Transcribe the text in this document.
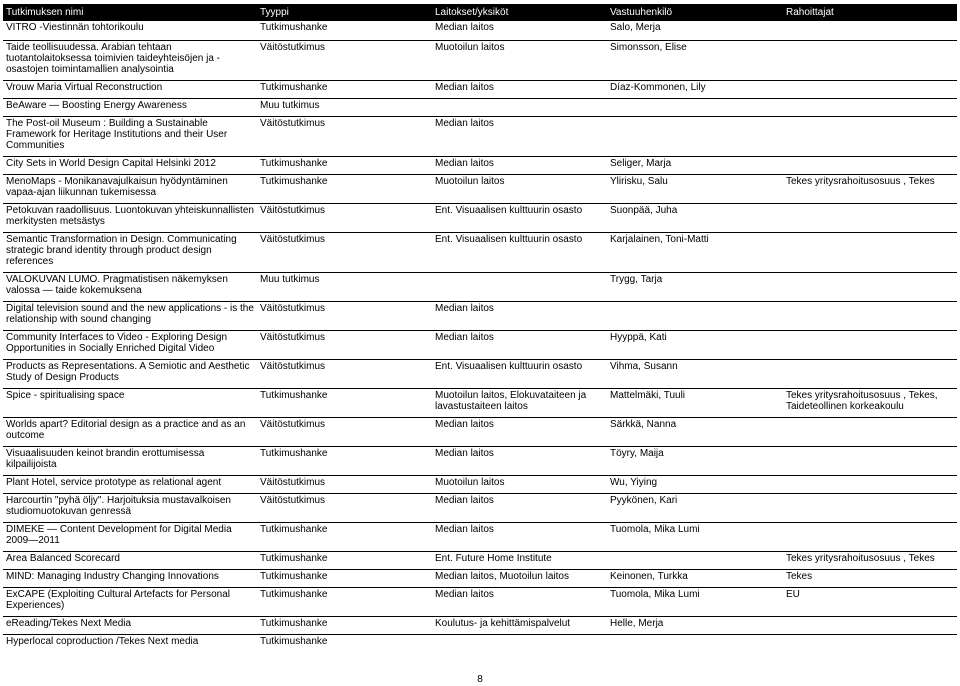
Tutkimuksen nimi	Tyyppi	Laitokset/yksiköt	Vastuuhenkilö	Rahoittajat
VITRO -Viestinnän tohtorikoulu	Tutkimushanke	Median laitos	Salo, Merja	

Taide teollisuudessa. Arabian tehtaan tuotantolaitoksessa toimivien taideyhteisöjen ja -osastojen toimintamallien analysointia	Väitöstutkimus	Muotoilun laitos	Simonsson, Elise	

Vrouw Maria Virtual Reconstruction	Tutkimushanke	Median laitos	Díaz-Kommonen, Lily	

BeAware ― Boosting Energy Awareness	Muu tutkimus			

The Post-oil Museum : Building a Sustainable Framework for Heritage Institutions and their User Communities	Väitöstutkimus	Median laitos		

City Sets in World Design Capital Helsinki 2012	Tutkimushanke	Median laitos	Seliger, Marja	

MenoMaps - Monikanavajulkaisun hyödyntäminen vapaa-ajan liikunnan tukemisessa	Tutkimushanke	Muotoilun laitos	Ylirisku, Salu	Tekes yritysrahoitusosuus , Tekes

Petokuvan raadollisuus. Luontokuvan yhteiskunnallisten merkitysten metsästys	Väitöstutkimus	Ent. Visuaalisen kulttuurin osasto	Suonpää, Juha	

Semantic Transformation in Design. Communicating strategic brand identity through product design references	Väitöstutkimus	Ent. Visuaalisen kulttuurin osasto	Karjalainen, Toni-Matti	

VALOKUVAN LUMO. Pragmatistisen näkemyksen valossa ― taide kokemuksena	Muu tutkimus		Trygg, Tarja	

Digital television sound and the new applications - is the relationship with sound changing	Väitöstutkimus	Median laitos		

Community Interfaces to Video - Exploring Design Opportunities in Socially Enriched Digital Video	Väitöstutkimus	Median laitos	Hyyppä, Kati	

Products as Representations. A Semiotic and Aesthetic Study of Design Products	Väitöstutkimus	Ent. Visuaalisen kulttuurin osasto	Vihma, Susann	

Spice - spiritualising space	Tutkimushanke	Muotoilun laitos, Elokuvataiteen ja lavastustaiteen laitos	Mattelmäki, Tuuli	Tekes yritysrahoitusosuus , Tekes, Taideteollinen korkeakoulu

Worlds apart? Editorial design as a practice and as an outcome	Väitöstutkimus	Median laitos	Särkkä, Nanna	

Visuaalisuuden keinot brandin erottumisessa kilpailijoista	Tutkimushanke	Median laitos	Töyry, Maija	

Plant Hotel, service prototype as relational agent	Väitöstutkimus	Muotoilun laitos	Wu, Yiying	

Harcourtin "pyhä öljy". Harjoituksia mustavalkoisen studiomuotokuvan genressä	Väitöstutkimus	Median laitos	Pyykönen, Kari	

DIMEKE ― Content Development for Digital Media 2009―2011	Tutkimushanke	Median laitos	Tuomola, Mika Lumi	

Area Balanced Scorecard	Tutkimushanke	Ent. Future Home Institute		Tekes yritysrahoitusosuus , Tekes

MIND: Managing Industry Changing Innovations	Tutkimushanke	Median laitos, Muotoilun laitos	Keinonen, Turkka	Tekes

ExCAPE (Exploiting Cultural Artefacts for Personal Experiences)	Tutkimushanke	Median laitos	Tuomola, Mika Lumi	EU

eReading/Tekes Next Media	Tutkimushanke	Koulutus- ja kehittämispalvelut	Helle, Merja	

Hyperlocal coproduction /Tekes Next media	Tutkimushanke			

8
